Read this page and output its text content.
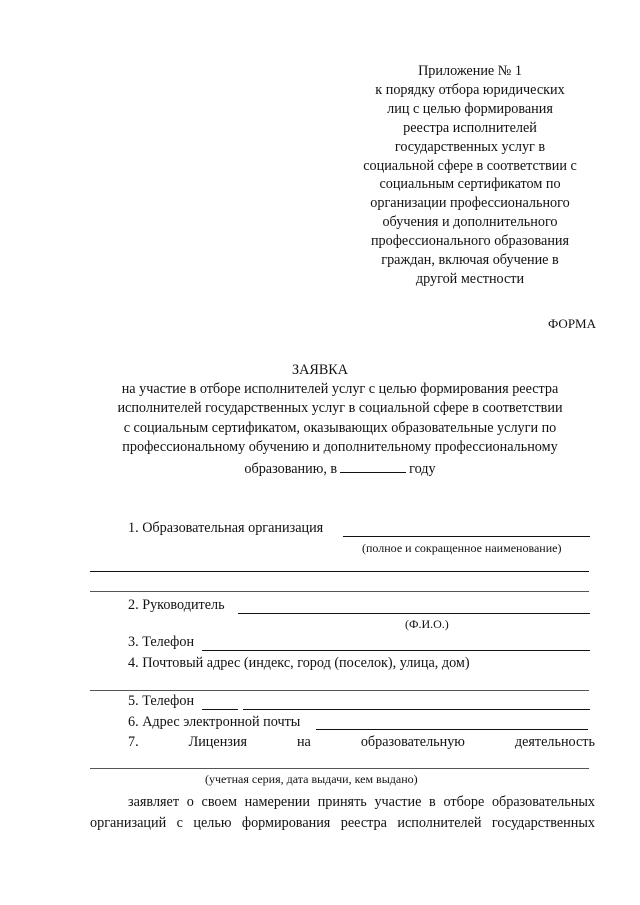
Приложение № 1
к порядку отбора юридических
лиц с целью формирования
реестра исполнителей
государственных услуг в
социальной сфере в соответствии с
социальным сертификатом по
организации профессионального
обучения и дополнительного
профессионального образования
граждан, включая обучение в
другой местности
ФОРМА
ЗАЯВКА
на участие в отборе исполнителей услуг с целью формирования реестра
исполнителей государственных услуг в социальной сфере в соответствии
с социальным сертификатом, оказывающих образовательные услуги по
профессиональному обучению и дополнительному профессиональному
образованию, в	году
1. Образовательная организация
(полное и сокращенное наименование)
2. Руководитель
(Ф.И.О.)
3. Телефон
4. Почтовый адрес (индекс, город (поселок), улица, дом)
5. Телефон
6. Адрес электронной почты
7.	Лицензия	на	образовательную	деятельность
(учетная серия, дата выдачи, кем выдано)
заявляет о своем намерении принять участие в отборе образовательных
организаций с целью формирования реестра исполнителей государственных
